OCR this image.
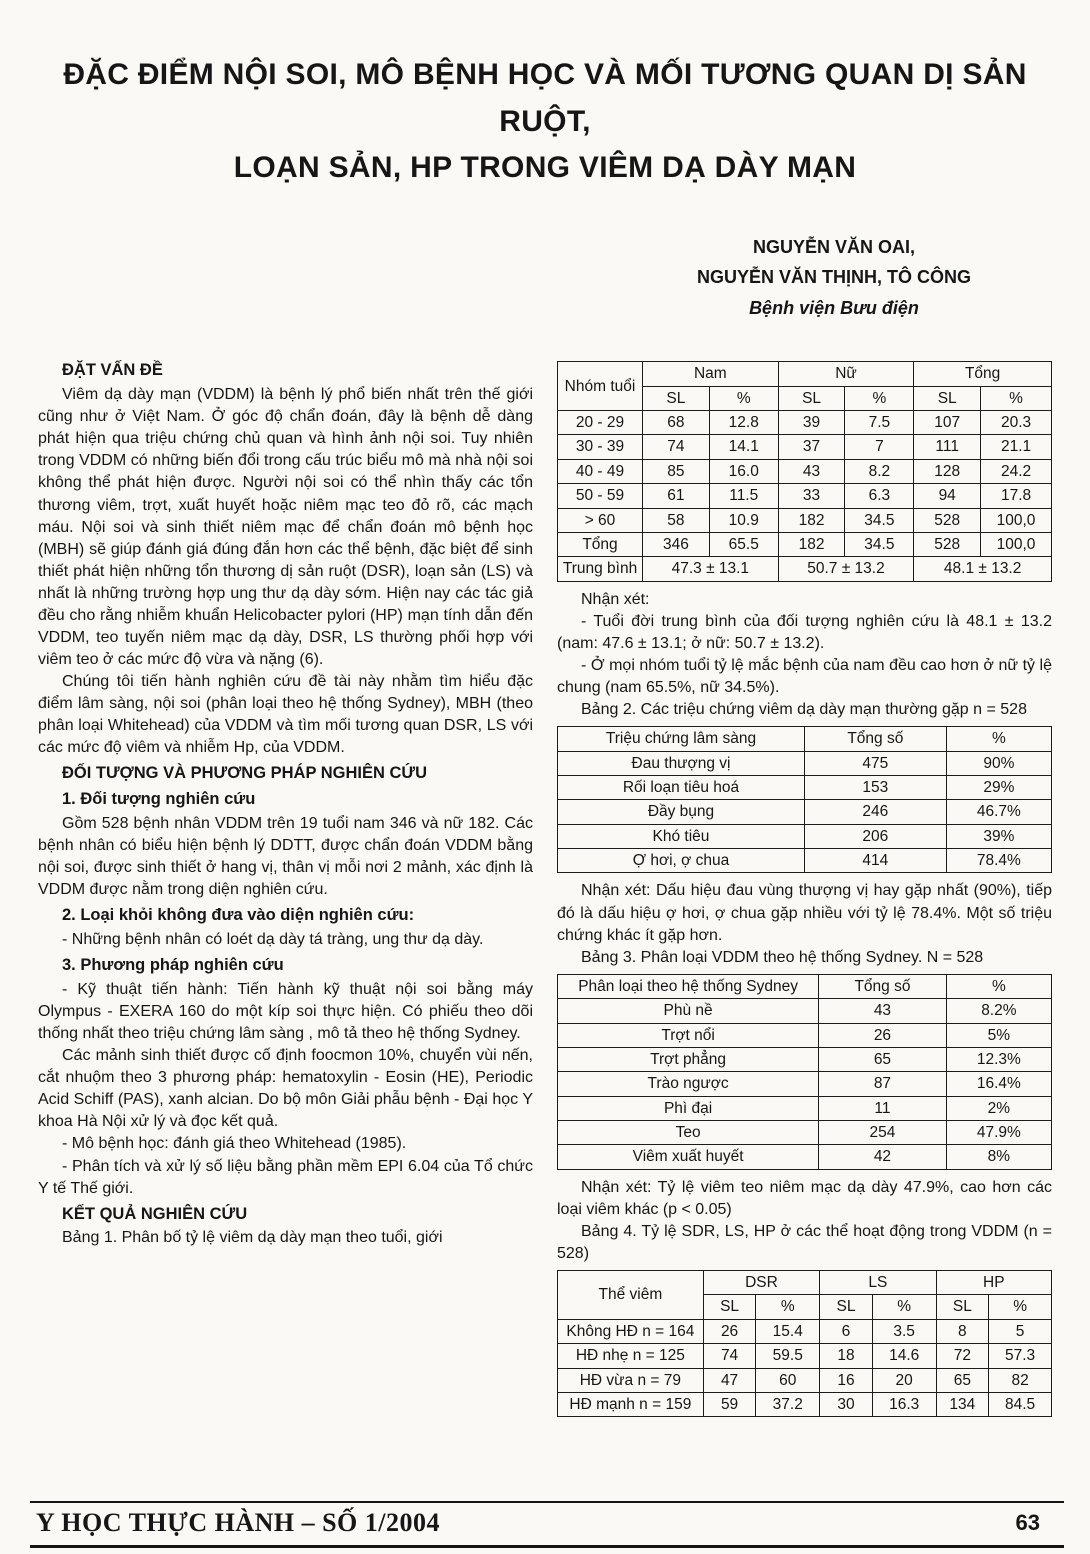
ĐẶC ĐIỂM NỘI SOI, MÔ BỆNH HỌC VÀ MỐI TƯƠNG QUAN DỊ SẢN RUỘT,
LOẠN SẢN, HP TRONG VIÊM DẠ DÀY MẠN
NGUYỄN VĂN OAI,
NGUYỄN VĂN THỊNH, TÔ CÔNG
Bệnh viện Bưu điện
ĐẶT VẤN ĐỀ

Viêm dạ dày mạn (VDDM) là bệnh lý phổ biến nhất trên thế giới cũng như ở Việt Nam. Ở góc độ chẩn đoán, đây là bệnh dễ dàng phát hiện qua triệu chứng chủ quan và hình ảnh nội soi. Tuy nhiên trong VDDM có những biến đổi trong cấu trúc biểu mô mà nhà nội soi không thể phát hiện được. Người nội soi có thể nhìn thấy các tổn thương viêm, trợt, xuất huyết hoặc niêm mạc teo đỏ rõ, các mạch máu. Nội soi và sinh thiết niêm mạc để chẩn đoán mô bệnh học (MBH) sẽ giúp đánh giá đúng đắn hơn các thể bệnh, đặc biệt để sinh thiết phát hiện những tổn thương dị sản ruột (DSR), loạn sản (LS) và nhất là những trường hợp ung thư dạ dày sớm. Hiện nay các tác giả đều cho rằng nhiễm khuẩn Helicobacter pylori (HP) mạn tính dẫn đến VDDM, teo tuyến niêm mạc dạ dày, DSR, LS thường phối hợp với viêm teo ở các mức độ vừa và nặng (6).

Chúng tôi tiến hành nghiên cứu đề tài này nhằm tìm hiểu đặc điểm lâm sàng, nội soi (phân loại theo hệ thống Sydney), MBH (theo phân loại Whitehead) của VDDM và tìm mối tương quan DSR, LS với các mức độ viêm và nhiễm Hp, của VDDM.

ĐỐI TƯỢNG VÀ PHƯƠNG PHÁP NGHIÊN CỨU
1. Đối tượng nghiên cứu

Gồm 528 bệnh nhân VDDM trên 19 tuổi nam 346 và nữ 182. Các bệnh nhân có biểu hiện bệnh lý DDTT, được chẩn đoán VDDM bằng nội soi, được sinh thiết ở hang vị, thân vị mỗi nơi 2 mảnh, xác định là VDDM được nằm trong diện nghiên cứu.

2. Loại khỏi không đưa vào diện nghiên cứu:

- Những bệnh nhân có loét dạ dày tá tràng, ung thư dạ dày.

3. Phương pháp nghiên cứu

- Kỹ thuật tiến hành: Tiến hành kỹ thuật nội soi bằng máy Olympus - EXERA 160 do một kíp soi thực hiện. Có phiếu theo dõi thống nhất theo triệu chứng lâm sàng , mô tả theo hệ thống Sydney.

Các mảnh sinh thiết được cố định foocmon 10%, chuyển vùi nến, cắt nhuộm theo 3 phương pháp: hematoxylin - Eosin (HE), Periodic Acid Schiff (PAS), xanh alcian. Do bộ môn Giải phẫu bệnh - Đại học Y khoa Hà Nội xử lý và đọc kết quả.

- Mô bệnh học: đánh giá theo Whitehead (1985).

- Phân tích và xử lý số liệu bằng phần mềm EPI 6.04 của Tổ chức Y tế Thế giới.

KẾT QUẢ NGHIÊN CỨU

Bảng 1. Phân bố tỷ lệ viêm dạ dày mạn theo tuổi, giới

Nhóm tuổi	Nam		Nữ		Tổng	
	SL	%	SL	%	SL	%
20 - 29	68	12.8	39	7.5	107	20.3
30 - 39	74	14.1	37	7	111	21.1
40 - 49	85	16.0	43	8.2	128	24.2
50 - 59	61	11.5	33	6.3	94	17.8
> 60	58	10.9	182	34.5	528	100,0
Tổng	346	65.5	182	34.5	528	100,0
Trung bình	47.3 ± 13.1		50.7 ± 13.2		48.1 ± 13.2	

Nhận xét:

- Tuổi đời trung bình của đối tượng nghiên cứu là 48.1 ± 13.2 (nam: 47.6 ± 13.1; ở nữ: 50.7 ± 13.2).

- Ở mọi nhóm tuổi tỷ lệ mắc bệnh của nam đều cao hơn ở nữ tỷ lệ chung (nam 65.5%, nữ 34.5%).

Bảng 2. Các triệu chứng viêm dạ dày mạn thường gặp n = 528

Triệu chứng lâm sàng	Tổng số	%
Đau thượng vị	475	90%
Rối loạn tiêu hoá	153	29%
Đầy bụng	246	46.7%
Khó tiêu	206	39%
Ợ hơi, ợ chua	414	78.4%

Nhận xét: Dấu hiệu đau vùng thượng vị hay gặp nhất (90%), tiếp đó là dấu hiệu ợ hơi, ợ chua gặp nhiều với tỷ lệ 78.4%. Một số triệu chứng khác ít gặp hơn.

Bảng 3. Phân loại VDDM theo hệ thống Sydney. N = 528

Phân loại theo hệ thống Sydney	Tổng số	%
Phù nề	43	8.2%
Trợt nổi	26	5%
Trợt phẳng	65	12.3%
Trào ngược	87	16.4%
Phì đại	11	2%
Teo	254	47.9%
Viêm xuất huyết	42	8%

Nhận xét: Tỷ lệ viêm teo niêm mạc dạ dày 47.9%, cao hơn các loại viêm khác (p < 0.05)

Bảng 4. Tỷ lệ SDR, LS, HP ở các thể hoạt động trong VDDM (n = 528)

Thể viêm	DSR		LS		HP	
	SL	%	SL	%	SL	%
Không HĐ n = 164	26	15.4	6	3.5	8	5
HĐ nhẹ n = 125	74	59.5	18	14.6	72	57.3
HĐ vừa n = 79	47	60	16	20	65	82
HĐ mạnh n = 159	59	37.2	30	16.3	134	84.5
Y HỌC THỰC HÀNH – SỐ 1/2004	63
